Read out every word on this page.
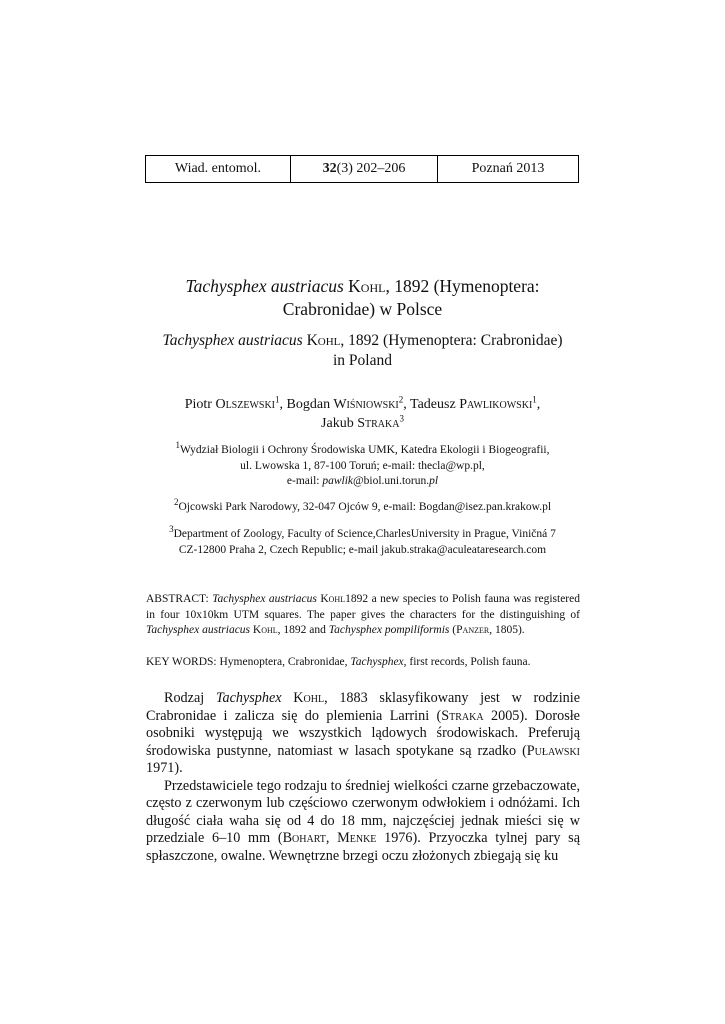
Wiad. entomol.	32 (3) 202–206	Poznań 2013
Tachysphex austriacus Kohl, 1892 (Hymenoptera:
Crabronidae) w Polsce
Tachysphex austriacus Kohl, 1892 (Hymenoptera: Crabronidae)
in Poland
Piotr Olszewski$^1$, Bogdan Wiśniowski$^2$, Tadeusz Pawlikowski$^1$,
Jakub Straka$^3$
$^1$Wydział Biologii i Ochrony Środowiska UMK, Katedra Ekologii i Biogeografii,
ul. Lwowska 1, 87-100 Toruń; e-mail: thecla@wp.pl,
e-mail: pawlik@biol.uni.torun.pl
$^2$Ojcowski Park Narodowy, 32-047 Ojców 9, e-mail: Bogdan@isez.pan.krakow.pl
$^3$Department of Zoology, Faculty of Science,CharlesUniversity in Prague, Viničná 7
CZ-12800 Praha 2, Czech Republic; e-mail jakub.straka@aculeataresearch.com
ABSTRACT: Tachysphex austriacus Kohl1892 a new species to Polish fauna was registered in four 10x10km UTM squares. The paper gives the characters for the distinguishing of Tachysphex austriacus Kohl, 1892 and Tachysphex pompiliformis (Panzer, 1805).
KEY WORDS: Hymenoptera, Crabronidae, Tachysphex, first records, Polish fauna.

Rodzaj Tachysphex Kohl, 1883 sklasyfikowany jest w rodzinie Crabronidae i zalicza się do plemienia Larrini (Straka 2005). Dorosłe osobniki występują we wszystkich lądowych środowiskach. Preferują środowiska pustynne, natomiast w lasach spotykane są rzadko (Puławski 1971).

Przedstawiciele tego rodzaju to średniej wielkości czarne grzebaczowate, często z czerwonym lub częściowo czerwonym odwłokiem i odnóżami. Ich długość ciała waha się od 4 do 18 mm, najczęściej jednak mieści się w przedziale 6–10 mm (Bohart, Menke 1976). Przyoczka tylnej pary są spłaszczone, owalne. Wewnętrzne brzegi oczu złożonych zbiegają się ku
